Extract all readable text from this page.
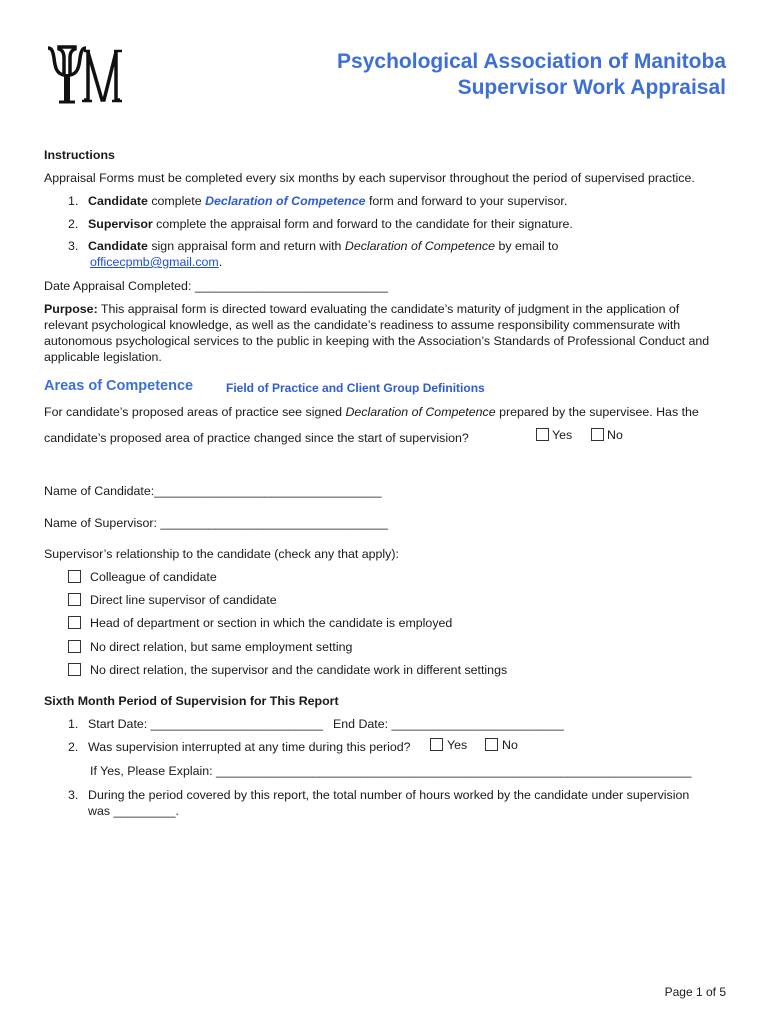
Psychological Association of Manitoba
Supervisor Work Appraisal
Instructions
Appraisal Forms must be completed every six months by each supervisor throughout the period of supervised practice.
1. Candidate complete Declaration of Competence form and forward to your supervisor.
2. Supervisor complete the appraisal form and forward to the candidate for their signature.
3. Candidate sign appraisal form and return with Declaration of Competence by email to
officecpmb@gmail.com.
Date Appraisal Completed: ____________________________
Purpose: This appraisal form is directed toward evaluating the candidate’s maturity of judgment in the application of
relevant psychological knowledge, as well as the candidate’s readiness to assume responsibility commensurate with
autonomous psychological services to the public in keeping with the Association’s Standards of Professional Conduct and
applicable legislation.
Areas of Competence	Field of Practice and Client Group Definitions
For candidate’s proposed areas of practice see signed Declaration of Competence prepared by the supervisee. Has the
candidate’s proposed area of practice changed since the start of supervision?	Yes	No
Name of Candidate:_________________________________
Name of Supervisor: _________________________________
Supervisor’s relationship to the candidate (check any that apply):
Colleague of candidate
Direct line supervisor of candidate
Head of department or section in which the candidate is employed
No direct relation, but same employment setting
No direct relation, the supervisor and the candidate work in different settings
Sixth Month Period of Supervision for This Report
1. Start Date: _________________________ End Date: _________________________
2. Was supervision interrupted at any time during this period?	Yes	No
If Yes, Please Explain: _____________________________________________________________________
3. During the period covered by this report, the total number of hours worked by the candidate under supervision
was _________.
Page 1 of 5
